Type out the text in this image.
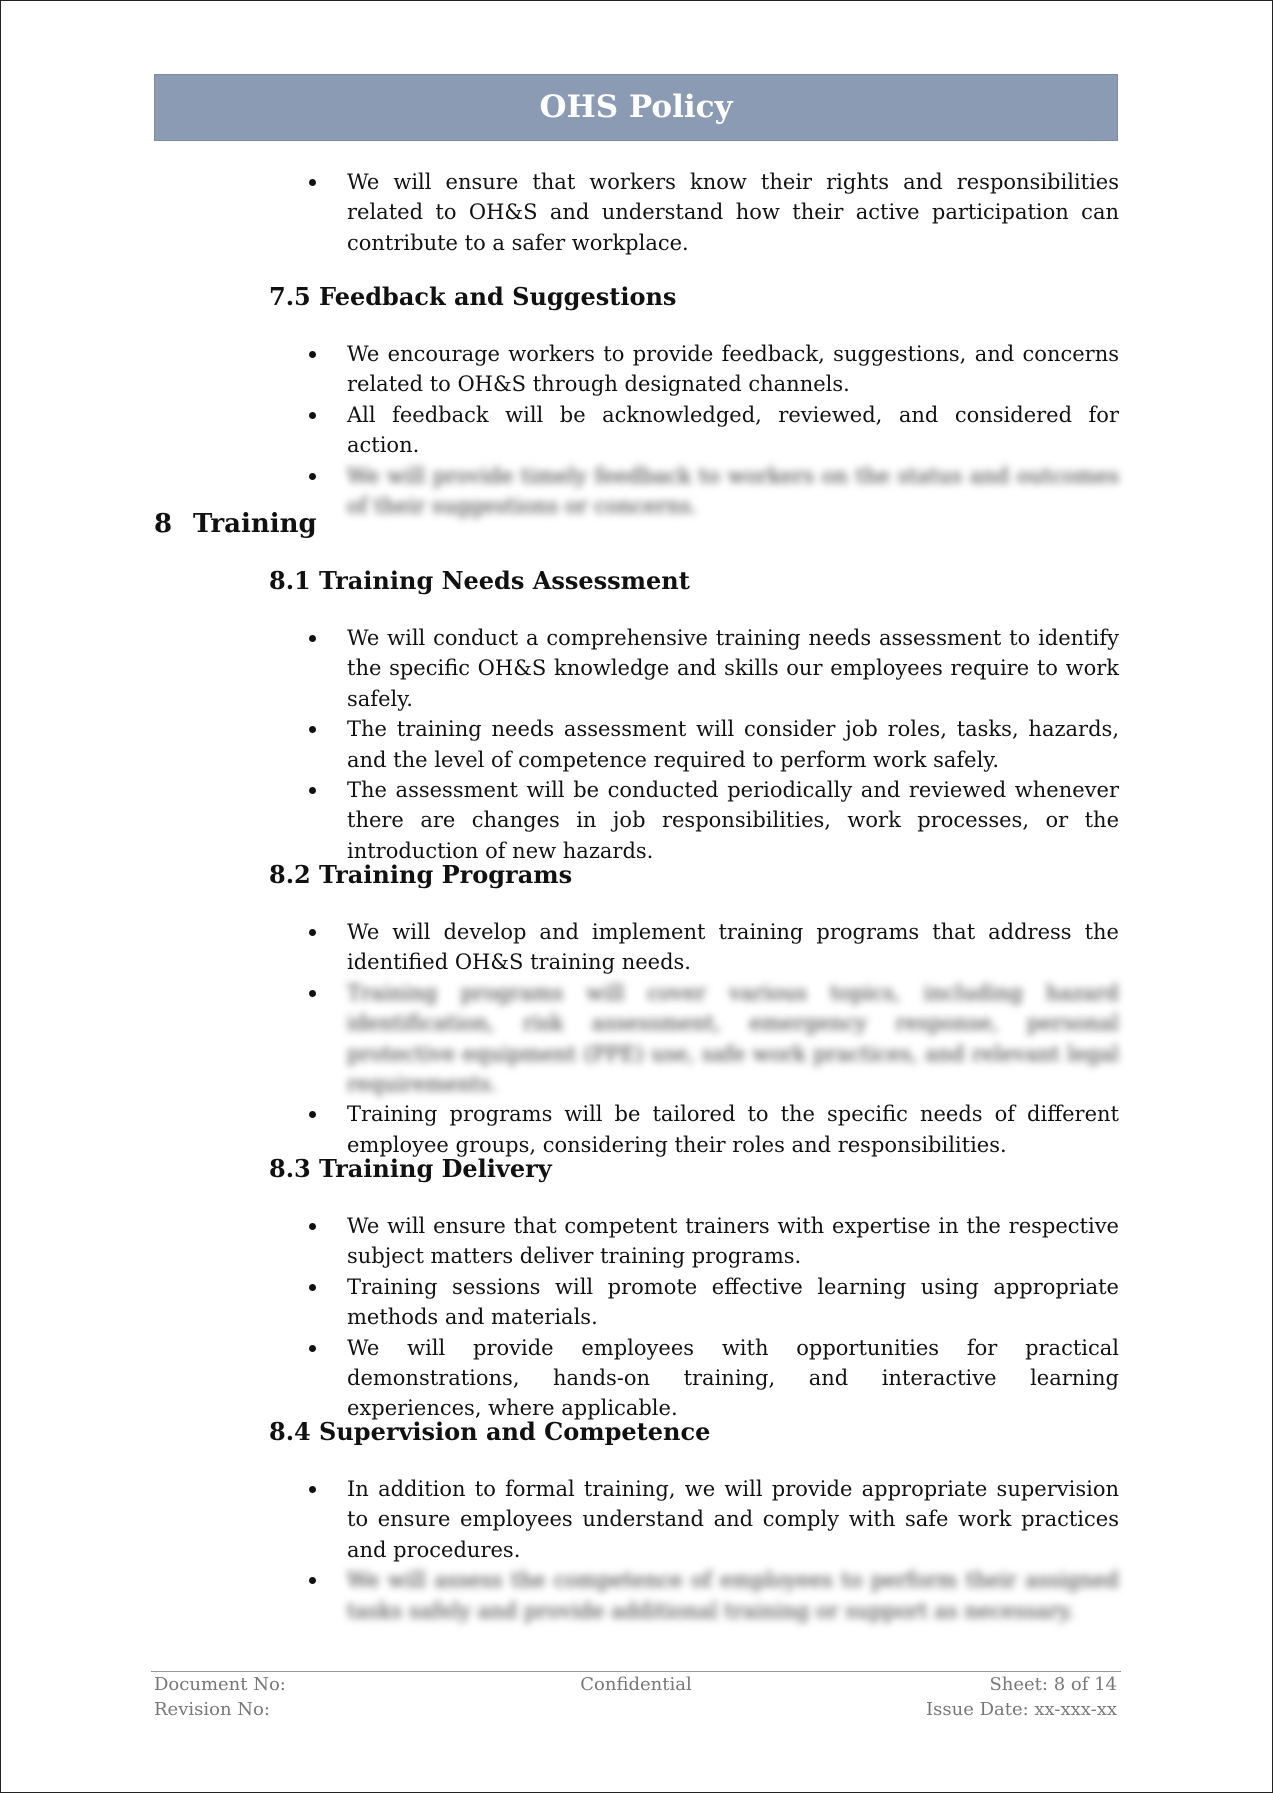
OHS Policy
We will ensure that workers know their rights and responsibilities related to OH&S and understand how their active participation can contribute to a safer workplace.
7.5 Feedback and Suggestions
We encourage workers to provide feedback, suggestions, and concerns related to OH&S through designated channels.
All feedback will be acknowledged, reviewed, and considered for action.
We will provide timely feedback to workers on the status and outcomes of their suggestions or concerns.
8 Training
8.1 Training Needs Assessment
We will conduct a comprehensive training needs assessment to identify the specific OH&S knowledge and skills our employees require to work safely.
The training needs assessment will consider job roles, tasks, hazards, and the level of competence required to perform work safely.
The assessment will be conducted periodically and reviewed whenever there are changes in job responsibilities, work processes, or the introduction of new hazards.
8.2 Training Programs
We will develop and implement training programs that address the identified OH&S training needs.
Training programs will cover various topics, including hazard identification, risk assessment, emergency response, personal protective equipment (PPE) use, safe work practices, and relevant legal requirements.
Training programs will be tailored to the specific needs of different employee groups, considering their roles and responsibilities.
8.3 Training Delivery
We will ensure that competent trainers with expertise in the respective subject matters deliver training programs.
Training sessions will promote effective learning using appropriate methods and materials.
We will provide employees with opportunities for practical demonstrations, hands-on training, and interactive learning experiences, where applicable.
8.4 Supervision and Competence
In addition to formal training, we will provide appropriate supervision to ensure employees understand and comply with safe work practices and procedures.
We will assess the competence of employees to perform their assigned tasks safely and provide additional training or support as necessary.
Document No:
Revision No:
Confidential	Sheet: 8 of 14
Issue Date: xx-xxx-xx
